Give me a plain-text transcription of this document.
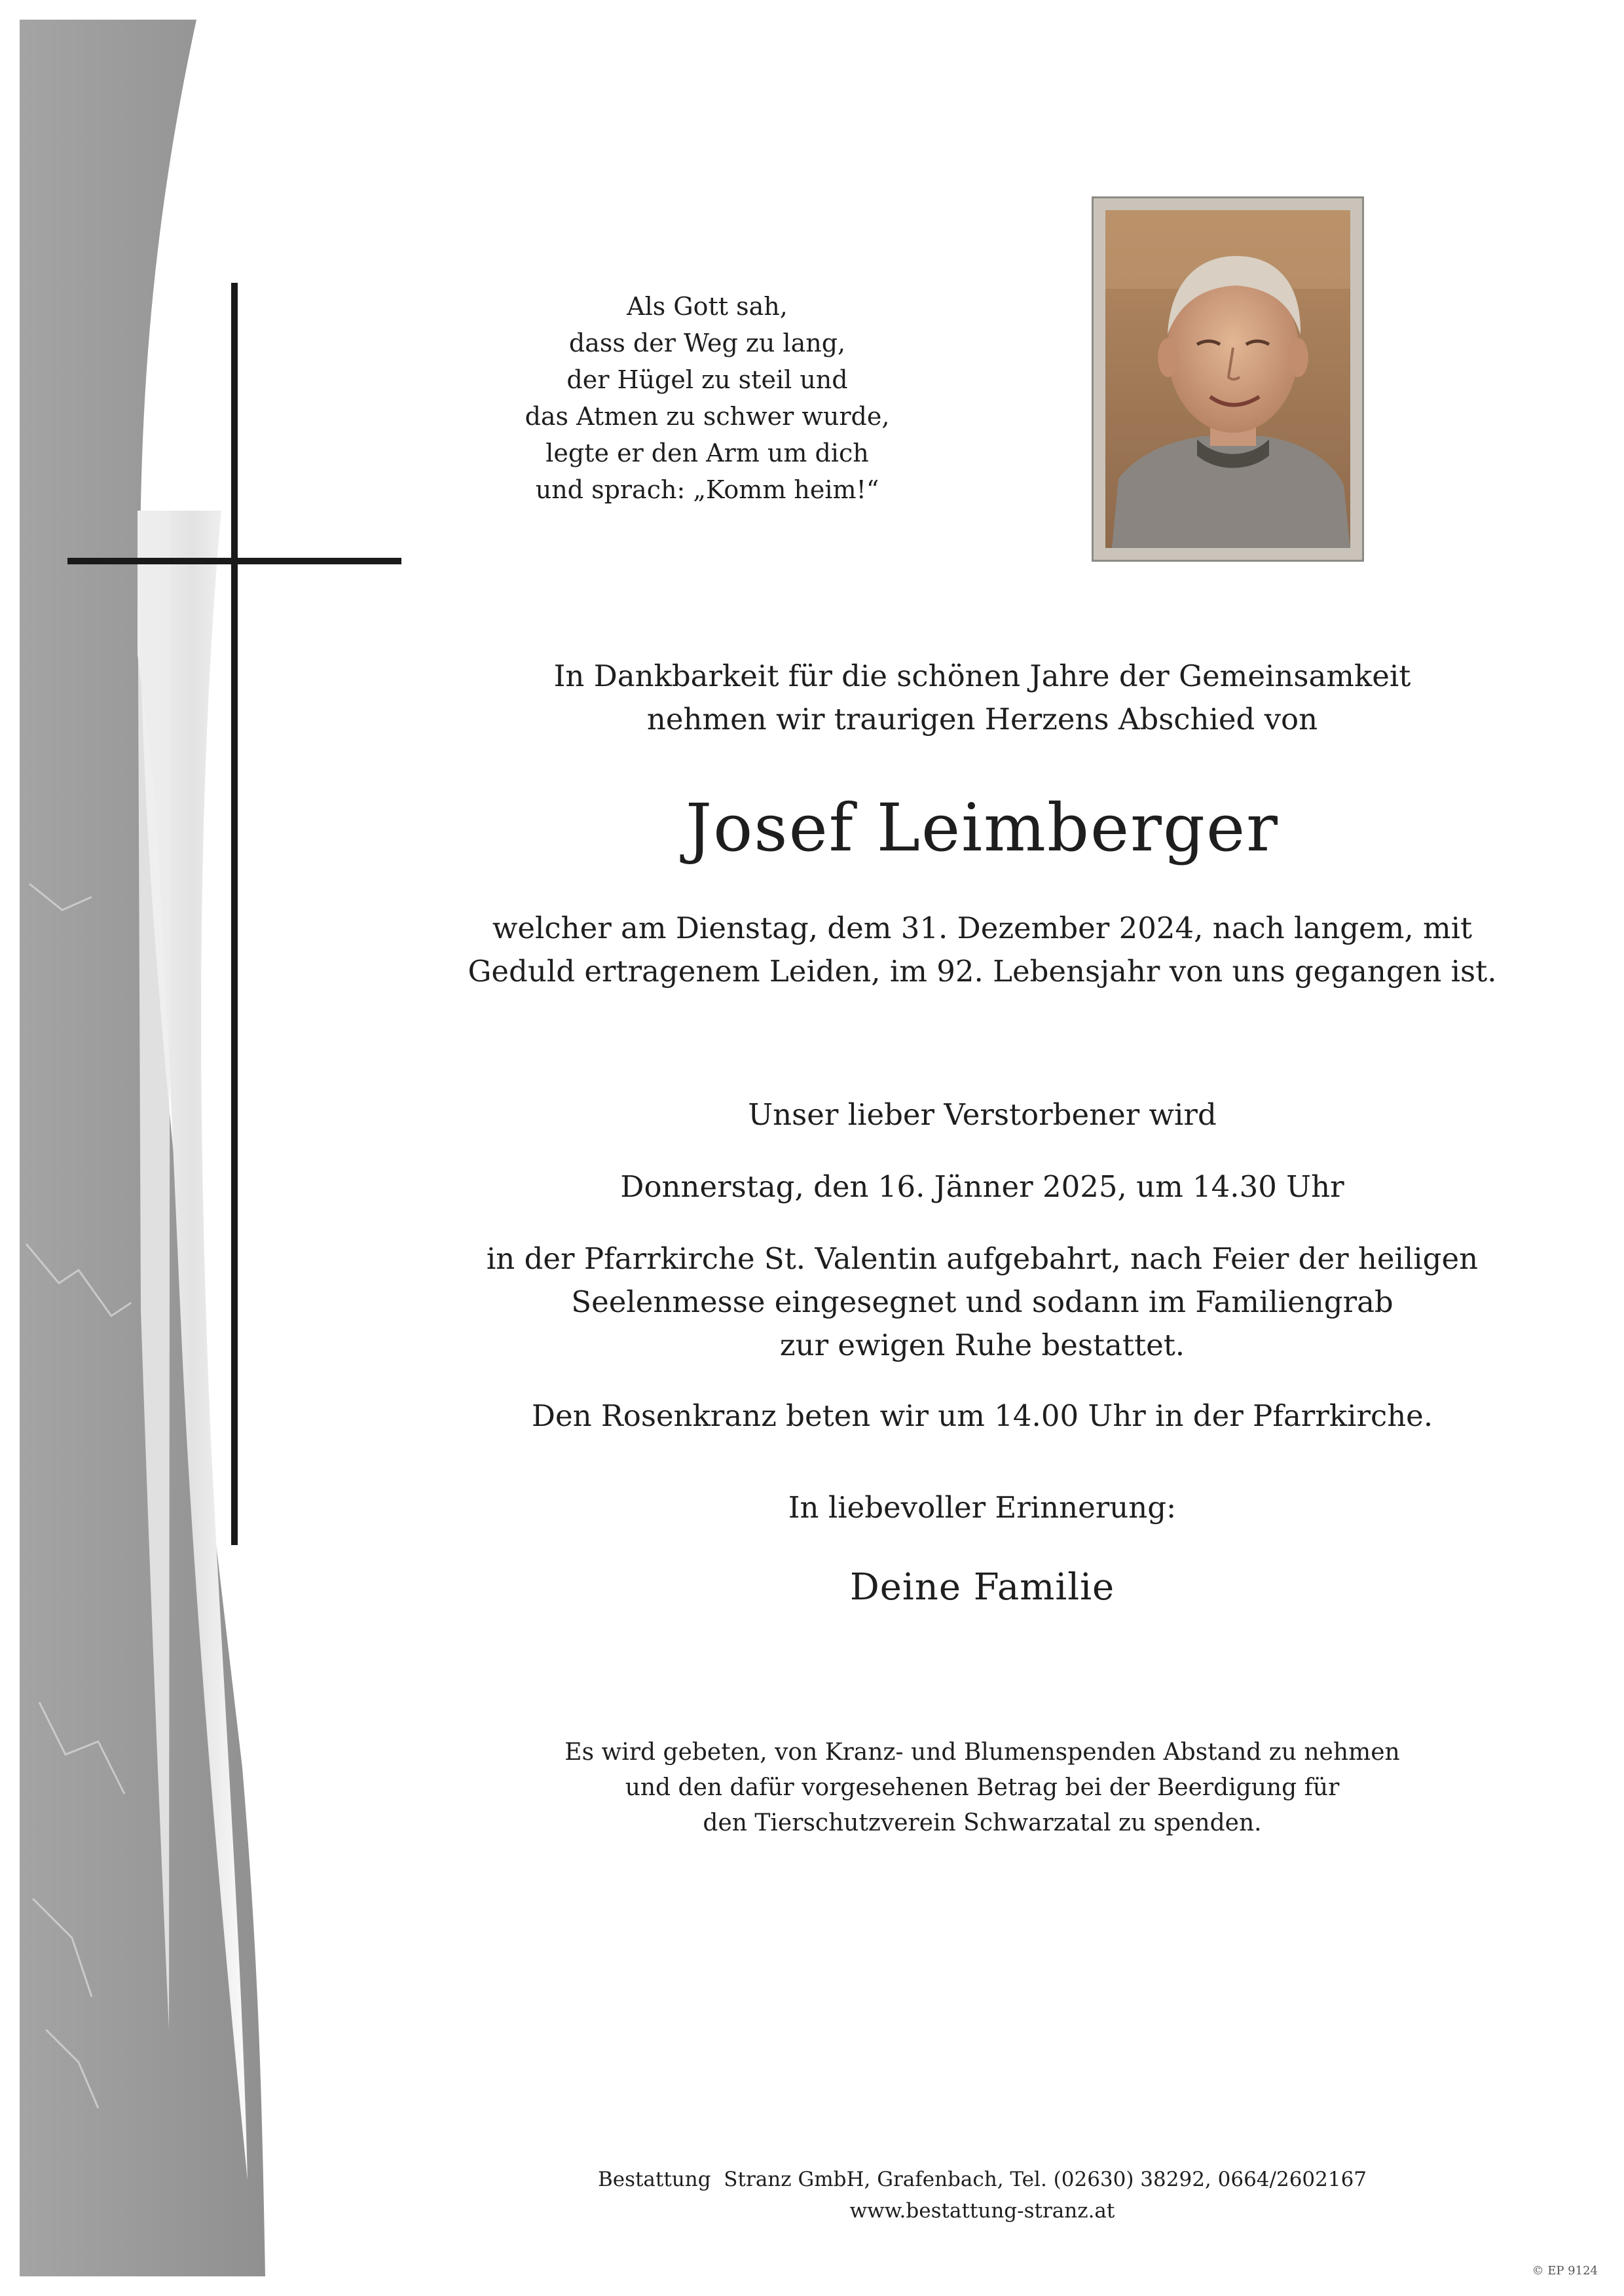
Als Gott sah,
dass der Weg zu lang,
der Hügel zu steil und
das Atmen zu schwer wurde,
legte er den Arm um dich
und sprach: „Komm heim!“
In Dankbarkeit für die schönen Jahre der Gemeinsamkeit
nehmen wir traurigen Herzens Abschied von
Josef Leimberger
welcher am Dienstag, dem 31. Dezember 2024, nach langem, mit
Geduld ertragenem Leiden, im 92. Lebensjahr von uns gegangen ist.
Unser lieber Verstorbener wird
Donnerstag, den 16. Jänner 2025, um 14.30 Uhr
in der Pfarrkirche St. Valentin aufgebahrt, nach Feier der heiligen
Seelenmesse eingesegnet und sodann im Familiengrab
zur ewigen Ruhe bestattet.
Den Rosenkranz beten wir um 14.00 Uhr in der Pfarrkirche.
In liebevoller Erinnerung:
Deine Familie
Es wird gebeten, von Kranz- und Blumenspenden Abstand zu nehmen
und den dafür vorgesehenen Betrag bei der Beerdigung für
den Tierschutzverein Schwarzatal zu spenden.
Bestattung  Stranz GmbH, Grafenbach, Tel. (02630) 38292, 0664/2602167
www.bestattung-stranz.at
© EP 9124
